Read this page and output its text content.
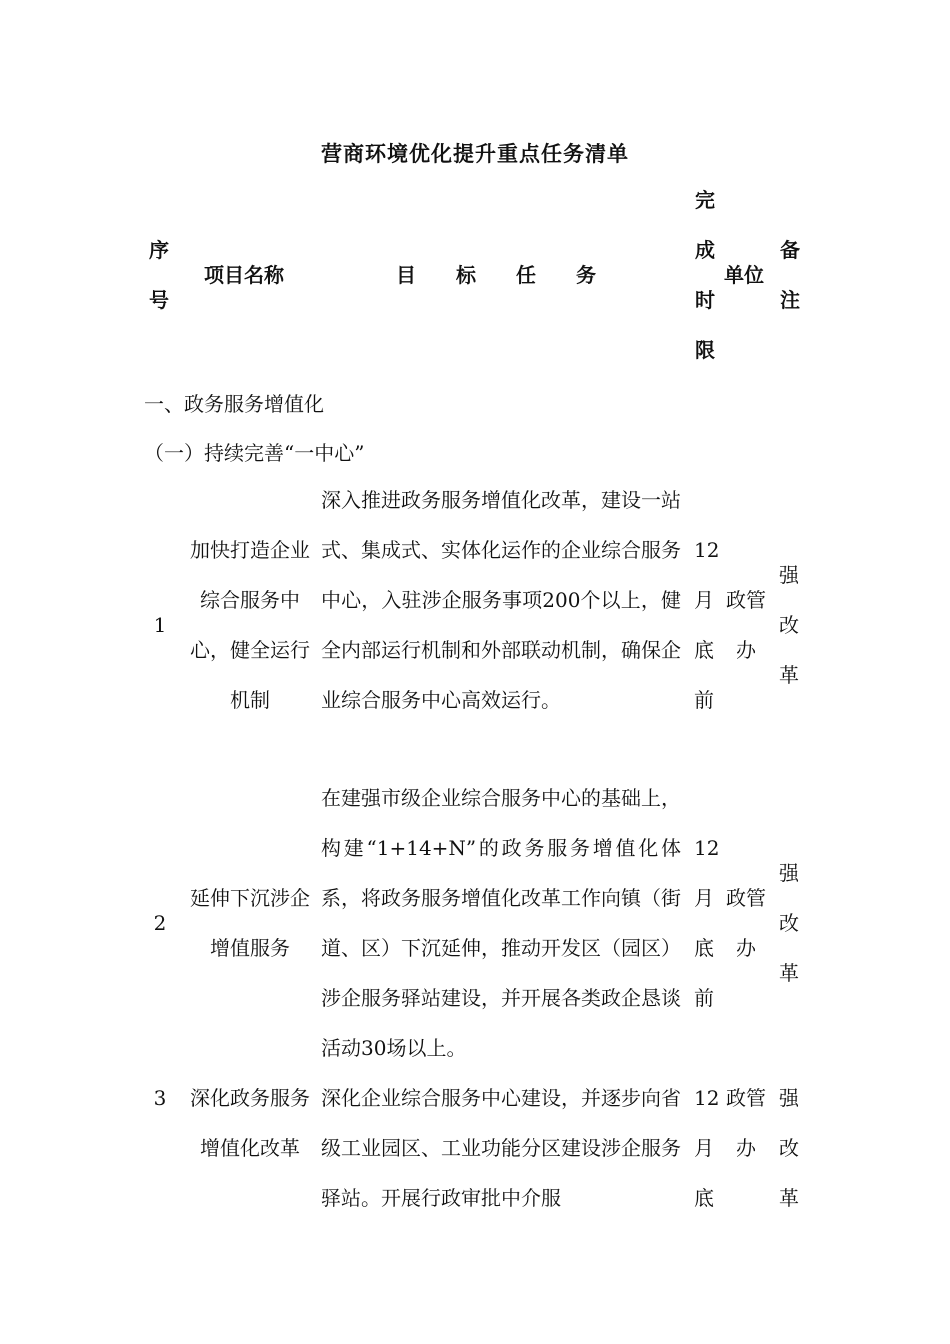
营商环境优化提升重点任务清单
序号
项目名称	目　　标　　任　　务
完成时限
单位
备注
一、政务服务增值化
（一）持续完善“一中心”
1
加快打造企业综合服务中心，健全运行机制
深入推进政务服务增值化改革，建设一站式、集成式、实体化运作的企业综合服务中心，入驻涉企服务事项200个以上，健全内部运行机制和外部联动机制，确保企业综合服务中心高效运行。
12月底前
政管办
强改革
2
延伸下沉涉企增值服务
在建强市级企业综合服务中心的基础上，构建“1+14+N”的政务服务增值化体系，将政务服务增值化改革工作向镇（街道、区）下沉延伸，推动开发区（园区）涉企服务驿站建设，并开展各类政企恳谈活动30场以上。
12月底前
政管办
强改革
3	深化政务服务增值化改革
深化企业综合服务中心建设，并逐步向省级工业园区、工业功能分区建设涉企服务驿站。开展行政审批中介服
12月底
政管办
强改革
